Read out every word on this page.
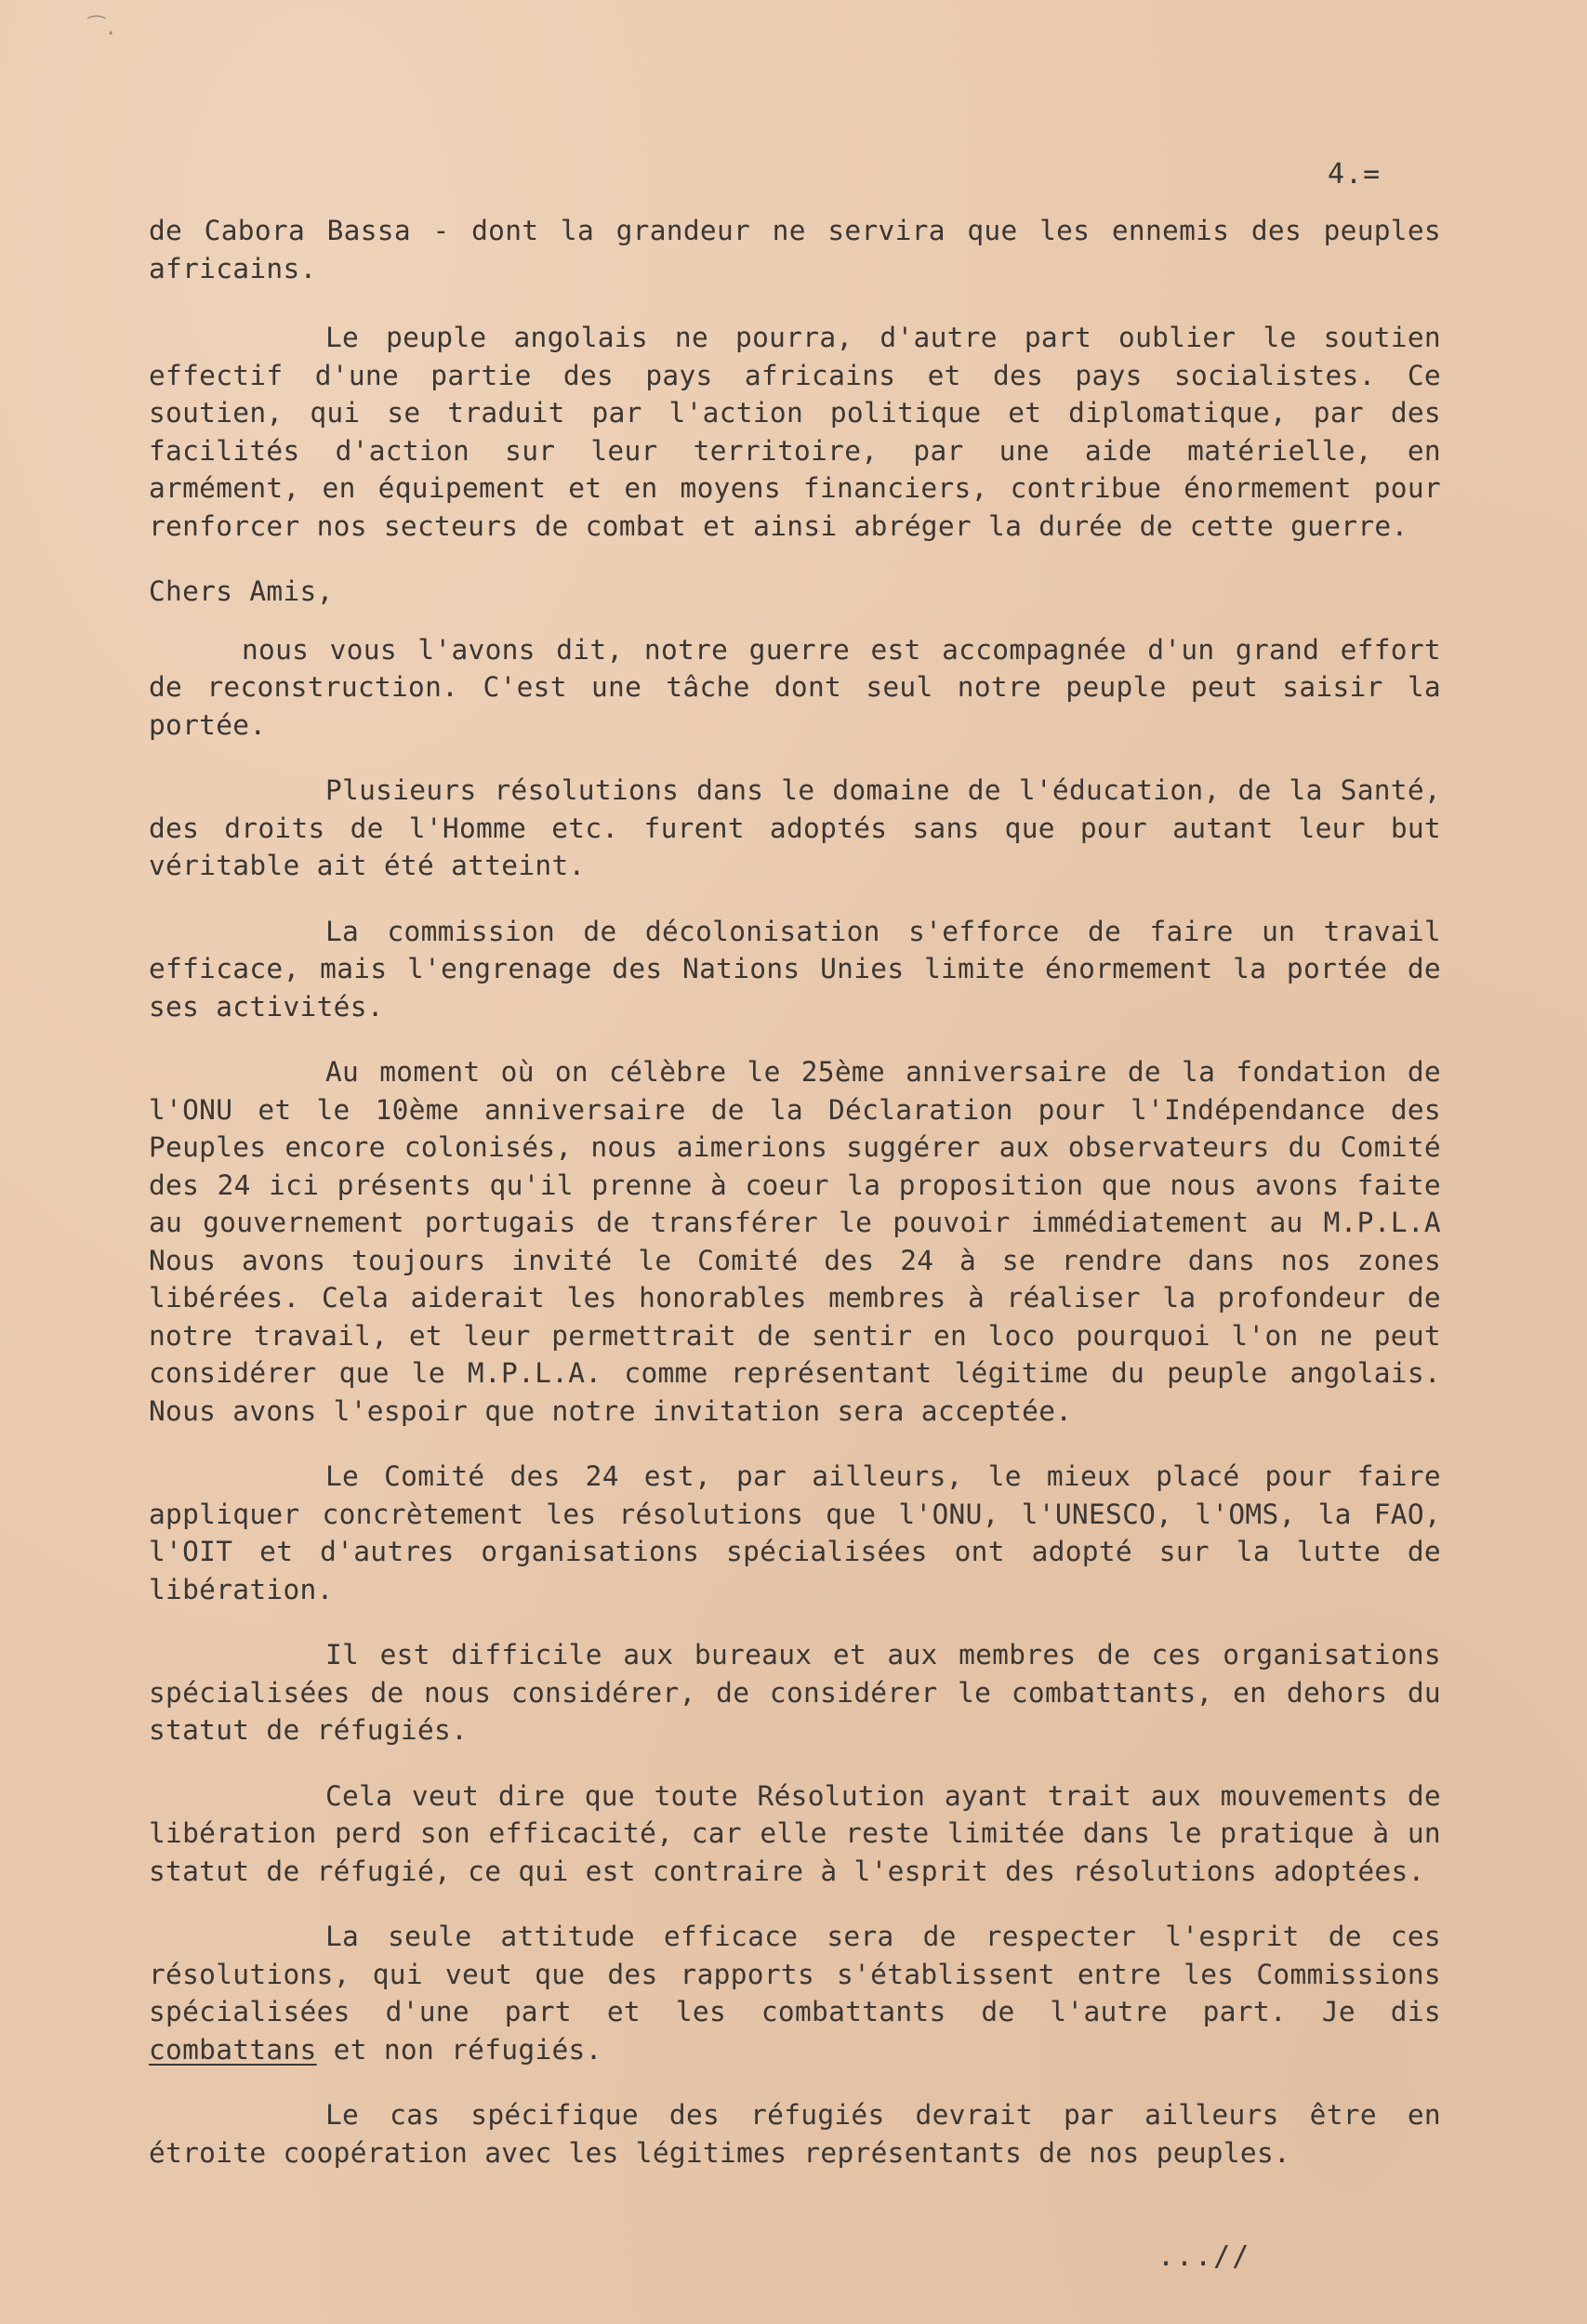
4.=

de Cabora Bassa - dont la grandeur ne servira que les ennemis des peuples africains.

Le peuple angolais ne pourra, d'autre part oublier le soutien effectif d'une partie des pays africains et des pays socialistes. Ce soutien, qui se traduit par l'action politique et diplomatique, par des facilités d'action sur leur territoire, par une aide matérielle, en armément, en équipement et en moyens financiers, contribue énormement pour renforcer nos secteurs de combat et ainsi abréger la durée de cette guerre.

Chers Amis,

nous vous l'avons dit, notre guerre est accompagnée d'un grand effort de reconstruction. C'est une tâche dont seul notre peuple peut saisir la portée.

Plusieurs résolutions dans le domaine de l'éducation, de la Santé, des droits de l'Homme etc. furent adoptés sans que pour autant leur but véritable ait été atteint.

La commission de décolonisation s'efforce de faire un travail efficace, mais l'engrenage des Nations Unies limite énormement la portée de ses activités.

Au moment où on célèbre le 25ème anniversaire de la fondation de l'ONU et le 10ème anniversaire de la Déclaration pour l'Indépendance des Peuples encore colonisés, nous aimerions suggérer aux observateurs du Comité des 24 ici présents qu'il prenne à coeur la proposition que nous avons faite au gouvernement portugais de transférer le pouvoir immédiatement au M.P.L.A Nous avons toujours invité le Comité des 24 à se rendre dans nos zones libérées. Cela aiderait les honorables membres à réaliser la profondeur de notre travail, et leur permettrait de sentir en loco pourquoi l'on ne peut considérer que le M.P.L.A. comme représentant légitime du peuple angolais. Nous avons l'espoir que notre invitation sera acceptée.

Le Comité des 24 est, par ailleurs, le mieux placé pour faire appliquer concrètement les résolutions que l'ONU, l'UNESCO, l'OMS, la FAO, l'OIT et d'autres organisations spécialisées ont adopté sur la lutte de libération.

Il est difficile aux bureaux et aux membres de ces organisations spécialisées de nous considérer, de considérer le combattants, en dehors du statut de réfugiés.

Cela veut dire que toute Résolution ayant trait aux mouvements de libération perd son efficacité, car elle reste limitée dans le pratique à un statut de réfugié, ce qui est contraire à l'esprit des résolutions adoptées.

La seule attitude efficace sera de respecter l'esprit de ces résolutions, qui veut que des rapports s'établissent entre les Commissions spécialisées d'une part et les combattants de l'autre part. Je dis combattans et non réfugiés.

Le cas spécifique des réfugiés devrait par ailleurs être en étroite coopération avec les légitimes représentants de nos peuples.

...//
⁀.
